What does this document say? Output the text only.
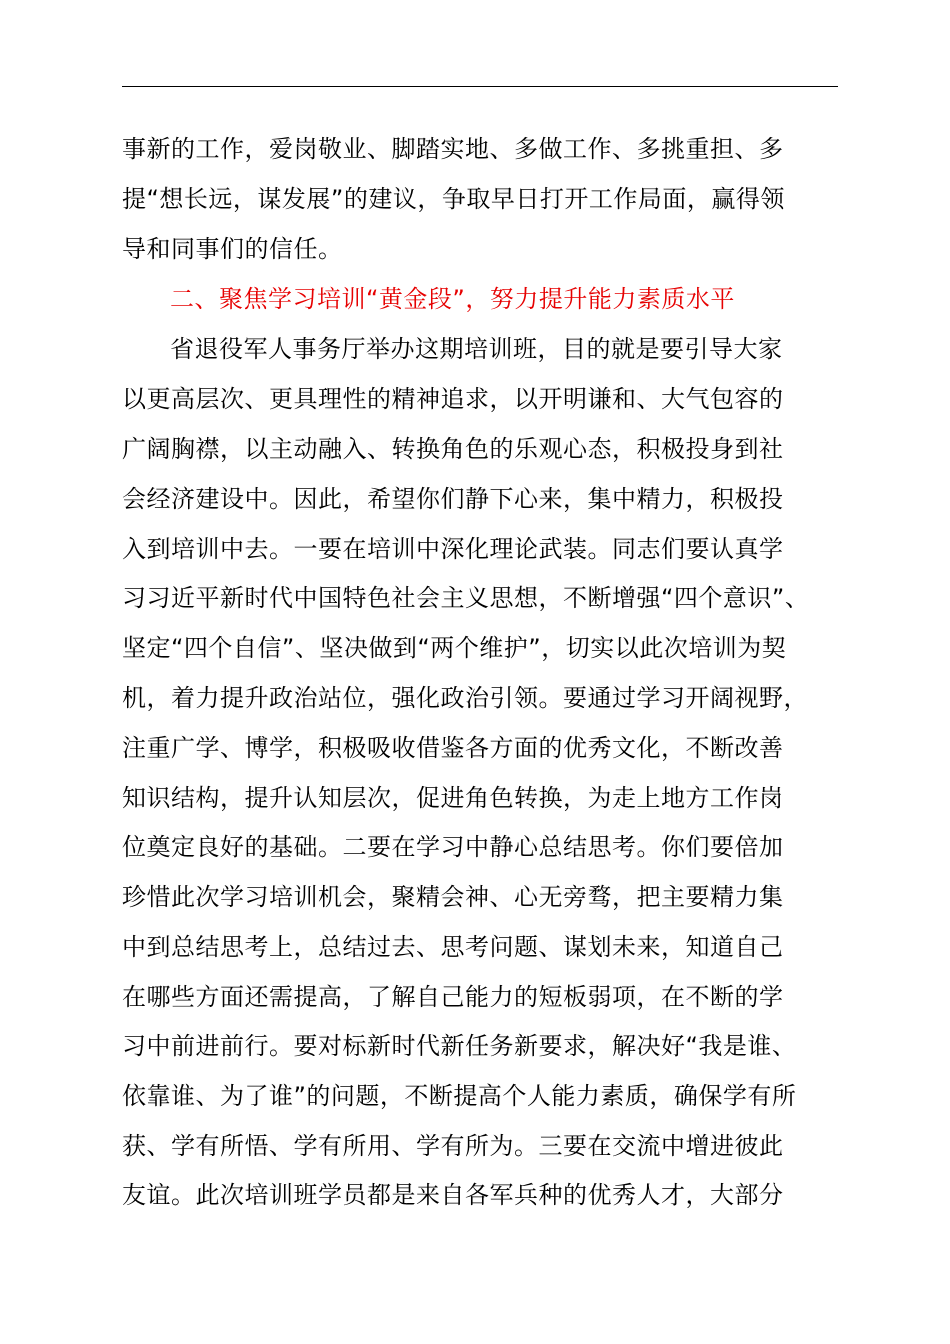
事新的工作，爱岗敬业、脚踏实地、多做工作、多挑重担、多
提“想长远，谋发展”的建议，争取早日打开工作局面，赢得领
导和同事们的信任。
二、聚焦学习培训“黄金段”，努力提升能力素质水平
省退役军人事务厅举办这期培训班，目的就是要引导大家
以更高层次、更具理性的精神追求，以开明谦和、大气包容的
广阔胸襟，以主动融入、转换角色的乐观心态，积极投身到社
会经济建设中。因此，希望你们静下心来，集中精力，积极投
入到培训中去。一要在培训中深化理论武装。同志们要认真学
习习近平新时代中国特色社会主义思想，不断增强“四个意识”、
坚定“四个自信”、坚决做到“两个维护”，切实以此次培训为契
机，着力提升政治站位，强化政治引领。要通过学习开阔视野，
注重广学、博学，积极吸收借鉴各方面的优秀文化，不断改善
知识结构，提升认知层次，促进角色转换，为走上地方工作岗
位奠定良好的基础。二要在学习中静心总结思考。你们要倍加
珍惜此次学习培训机会，聚精会神、心无旁骛，把主要精力集
中到总结思考上，总结过去、思考问题、谋划未来，知道自己
在哪些方面还需提高，了解自己能力的短板弱项，在不断的学
习中前进前行。要对标新时代新任务新要求，解决好“我是谁、
依靠谁、为了谁”的问题，不断提高个人能力素质，确保学有所
获、学有所悟、学有所用、学有所为。三要在交流中增进彼此
友谊。此次培训班学员都是来自各军兵种的优秀人才，大部分
